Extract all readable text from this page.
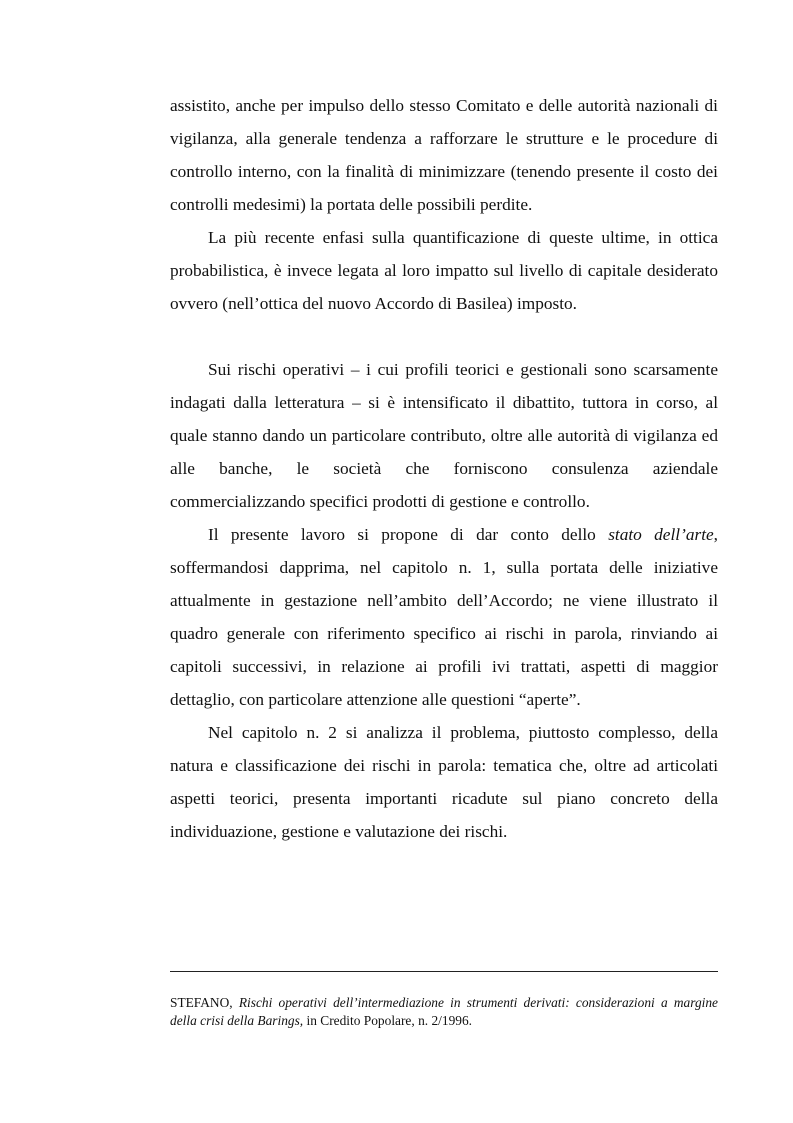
assistito, anche per impulso dello stesso Comitato e delle autorità nazionali di vigilanza, alla generale tendenza a rafforzare le strutture e le procedure di controllo interno, con la finalità di minimizzare (tenendo presente il costo dei controlli medesimi) la portata delle possibili perdite.

La più recente enfasi sulla quantificazione di queste ultime, in ottica probabilistica, è invece legata al loro impatto sul livello di capitale desiderato ovvero (nell’ottica del nuovo Accordo di Basilea) imposto.

Sui rischi operativi – i cui profili teorici e gestionali sono scarsamente indagati dalla letteratura – si è intensificato il dibattito, tuttora in corso, al quale stanno dando un particolare contributo, oltre alle autorità di vigilanza ed alle banche, le società che forniscono consulenza aziendale commercializzando specifici prodotti di gestione e controllo.

Il presente lavoro si propone di dar conto dello stato dell’arte, soffermandosi dapprima, nel capitolo n. 1, sulla portata delle iniziative attualmente in gestazione nell’ambito dell’Accordo; ne viene illustrato il quadro generale con riferimento specifico ai rischi in parola, rinviando ai capitoli successivi, in relazione ai profili ivi trattati, aspetti di maggior dettaglio, con particolare attenzione alle questioni “aperte”.

Nel capitolo n. 2 si analizza il problema, piuttosto complesso, della natura e classificazione dei rischi in parola: tematica che, oltre ad articolati aspetti teorici, presenta importanti ricadute sul piano concreto della individuazione, gestione e valutazione dei rischi.

STEFANO, Rischi operativi dell’intermediazione in strumenti derivati: considerazioni a margine della crisi della Barings, in Credito Popolare, n. 2/1996.
